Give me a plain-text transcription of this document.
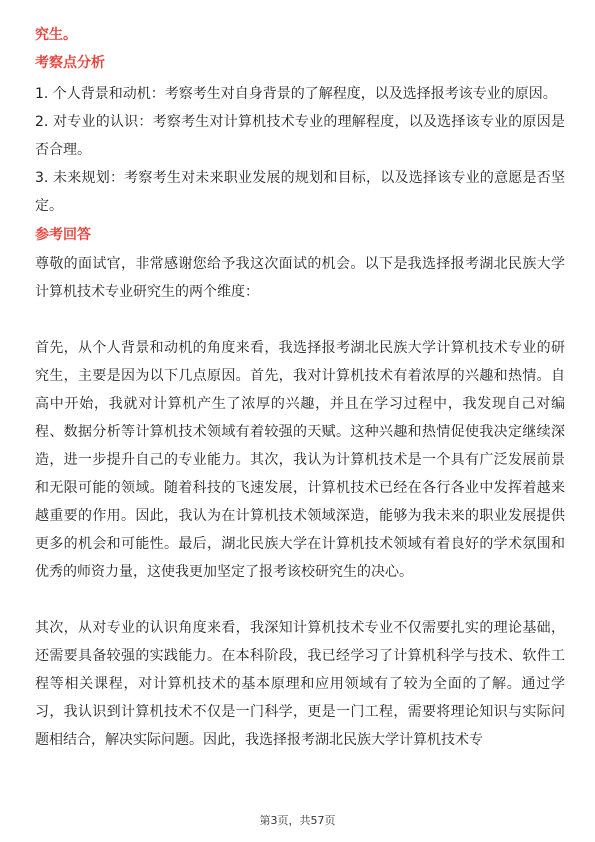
究生。

考察点分析

1. 个人背景和动机：考察考生对自身背景的了解程度，以及选择报考该专业的原因。

2. 对专业的认识：考察考生对计算机技术专业的理解程度，以及选择该专业的原因是否合理。

3. 未来规划：考察考生对未来职业发展的规划和目标，以及选择该专业的意愿是否坚定。

参考回答

尊敬的面试官，非常感谢您给予我这次面试的机会。以下是我选择报考湖北民族大学计算机技术专业研究生的两个维度：

首先，从个人背景和动机的角度来看，我选择报考湖北民族大学计算机技术专业的研究生，主要是因为以下几点原因。首先，我对计算机技术有着浓厚的兴趣和热情。自高中开始，我就对计算机产生了浓厚的兴趣，并且在学习过程中，我发现自己对编程、数据分析等计算机技术领域有着较强的天赋。这种兴趣和热情促使我决定继续深造，进一步提升自己的专业能力。其次，我认为计算机技术是一个具有广泛发展前景和无限可能的领域。随着科技的飞速发展，计算机技术已经在各行各业中发挥着越来越重要的作用。因此，我认为在计算机技术领域深造，能够为我未来的职业发展提供更多的机会和可能性。最后，湖北民族大学在计算机技术领域有着良好的学术氛围和优秀的师资力量，这使我更加坚定了报考该校研究生的决心。

其次，从对专业的认识角度来看，我深知计算机技术专业不仅需要扎实的理论基础，还需要具备较强的实践能力。在本科阶段，我已经学习了计算机科学与技术、软件工程等相关课程，对计算机技术的基本原理和应用领域有了较为全面的了解。通过学习，我认识到计算机技术不仅是一门科学，更是一门工程，需要将理论知识与实际问题相结合，解决实际问题。因此，我选择报考湖北民族大学计算机技术专

第3页，共57页
